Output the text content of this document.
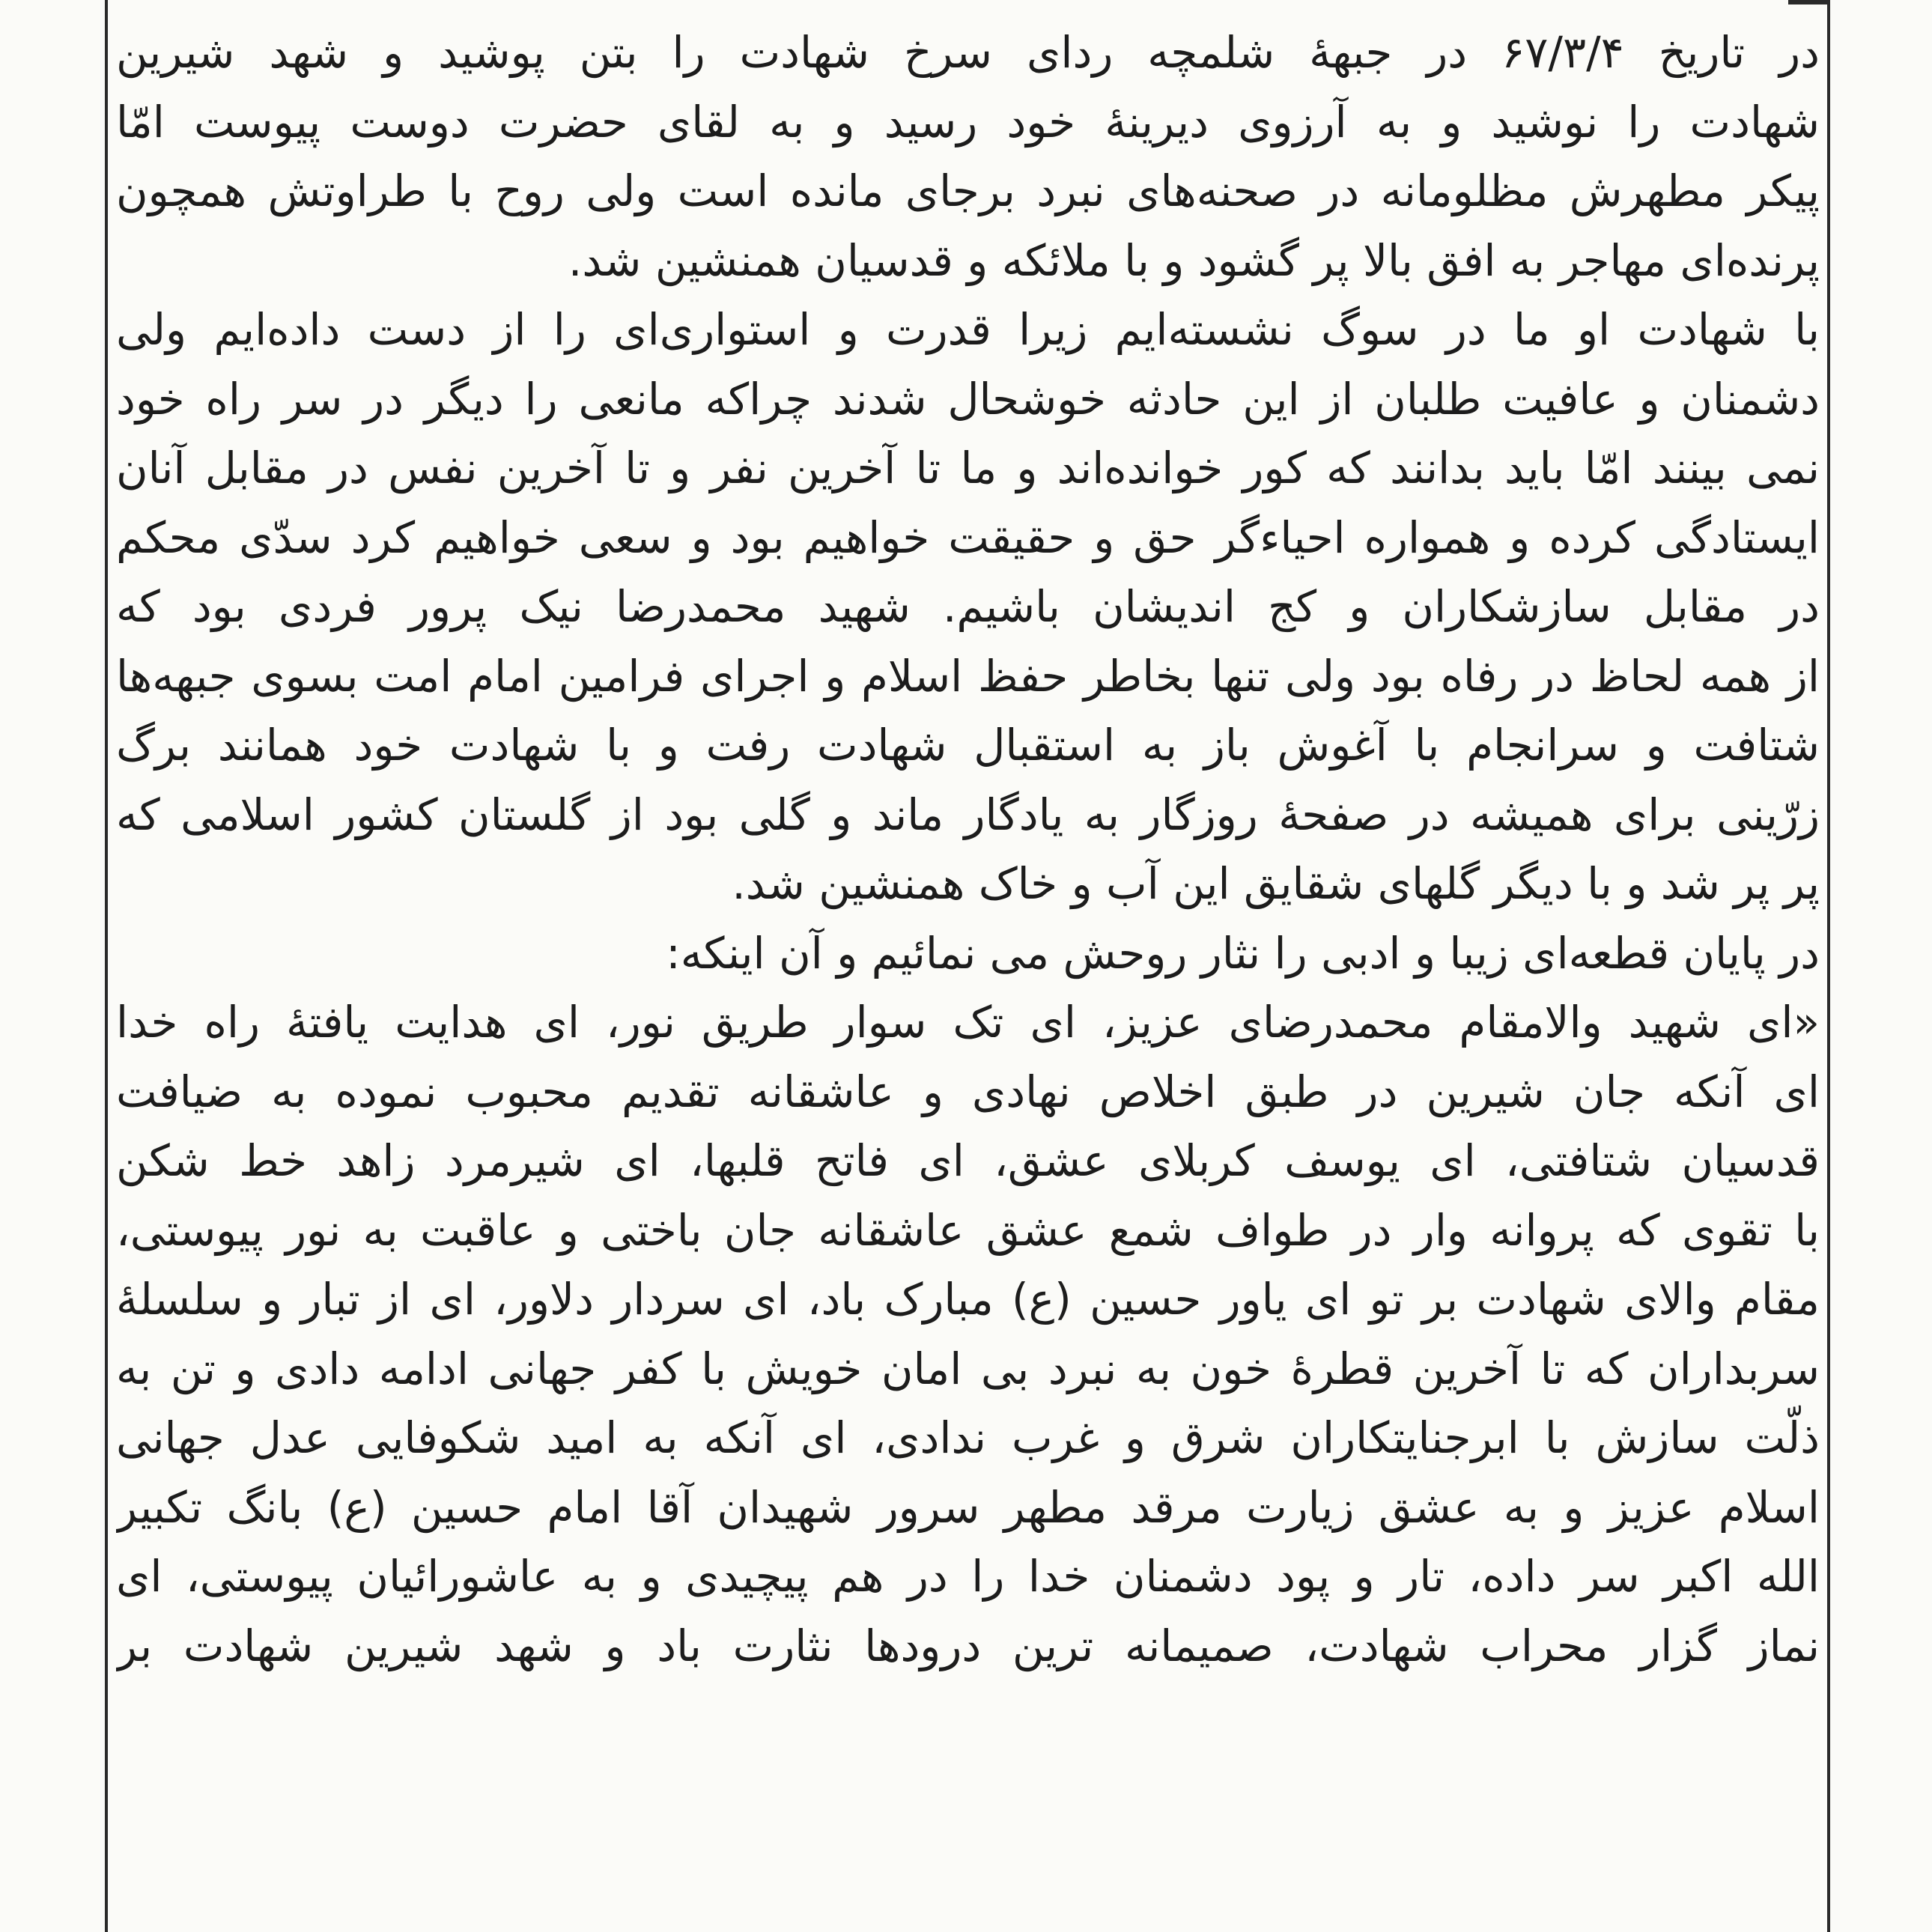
در تاریخ ۶۷/۳/۴ در جبههٔ شلمچه ردای سرخ شهادت را بتن پوشید و شهد شیرین
شهادت را نوشید و به آرزوی دیرینهٔ خود رسید و به لقای حضرت دوست پیوست امّا
پیکر مطهرش مظلومانه در صحنه‌های نبرد برجای مانده است ولی روح با طراوتش همچون
پرنده‌ای مهاجر به افق بالا پر گشود و با ملائکه و قدسیان همنشین شد.
با شهادت او ما در سوگ نشسته‌ایم زیرا قدرت و استواری‌ای را از دست داده‌ایم ولی
دشمنان و عافیت طلبان از این حادثه خوشحال شدند چراکه مانعی را دیگر در سر راه خود
نمی بینند امّا باید بدانند که کور خوانده‌اند و ما تا آخرین نفر و تا آخرین نفس در مقابل آنان
ایستادگی کرده و همواره احیاء‌گر حق و حقیقت خواهیم بود و سعی خواهیم کرد سدّی محکم
در مقابل سازشکاران و کج اندیشان باشیم. شهید محمدرضا نیک پرور فردی بود که
از همه لحاظ در رفاه بود ولی تنها بخاطر حفظ اسلام و اجرای فرامین امام امت بسوی جبهه‌ها
شتافت و سرانجام با آغوش باز به استقبال شهادت رفت و با شهادت خود همانند برگ
زرّینی برای همیشه در صفحهٔ روزگار به یادگار ماند و گلی بود از گلستان کشور اسلامی که
پر پر شد و با دیگر گلهای شقایق این آب و خاک همنشین شد.
در پایان قطعه‌ای زیبا و ادبی را نثار روحش می نمائیم و آن اینکه:
«ای شهید والامقام محمدرضای عزیز، ای تک سوار طریق نور، ای هدایت یافتهٔ راه خدا
ای آنکه جان شیرین در طبق اخلاص نهادی و عاشقانه تقدیم محبوب نموده به ضیافت
قدسیان شتافتی، ای یوسف کربلای عشق، ای فاتح قلبها، ای شیرمرد زاهد خط شکن
با تقوی که پروانه وار در طواف شمع عشق عاشقانه جان باختی و عاقبت به نور پیوستی،
مقام والای شهادت بر تو ای یاور حسین (ع) مبارک باد، ای سردار دلاور، ای از تبار و سلسلهٔ
سربداران که تا آخرین قطرهٔ خون به نبرد بی امان خویش با کفر جهانی ادامه دادی و تن به
ذلّت سازش با ابرجنایتکاران شرق و غرب ندادی، ای آنکه به امید شکوفایی عدل جهانی
اسلام عزیز و به عشق زیارت مرقد مطهر سرور شهیدان آقا امام حسین (ع) بانگ تکبیر
الله اکبر سر داده، تار و پود دشمنان خدا را در هم پیچیدی و به عاشورائیان پیوستی، ای
نماز گزار محراب شهادت، صمیمانه ترین درودها نثارت باد و شهد شیرین شهادت بر
